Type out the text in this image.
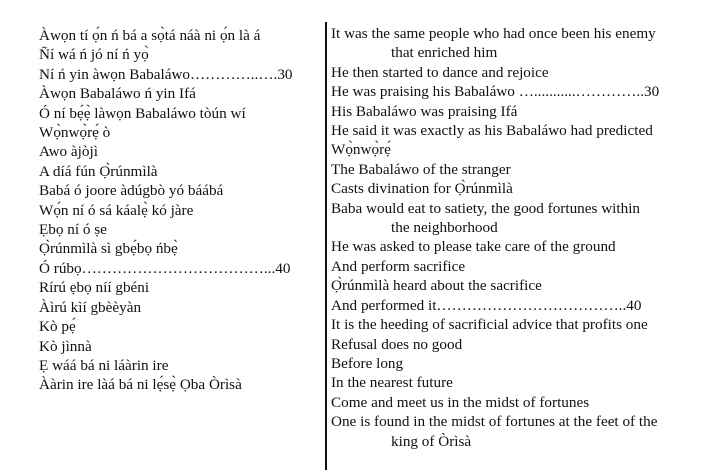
Àwọn tí ọ́n ń bá a sọ̀tá náà ni ọ́n là á
Ñí wá ń jó ní ń yọ̀
Ní ń yin àwọn Babaláwo…………..….30
Àwọn Babaláwo ń yin Ifá
Ó ní bẹ́ẹ̀ làwọn Babaláwo tòún wí
Wọ̀nwọ̀rẹ́ ò
Awo àjòjì
A díá fún Ọ̀rúnmìlà
Babá ó joore àdúgbò yó báábá
Wọ́n ní ó sá káalẹ̀ kó jàre
Ẹbọ ní ó ṣe
Ọ̀rúnmìlà sì gbẹ́bọ ńbẹ̀
Ó rúbọ………………………………...40
Rírú ẹbọ níí gbéni
Àìrú kìí gbèèyàn
Kò pẹ́
Kò jìnnà
Ẹ wáá bá ni láàrin ire
Ààrin ire làá bá ni lẹ́sẹ̀ Ọba Òrìsà
It was the same people who had once been his enemy
that enriched him
He then started to dance and rejoice
He was praising his Babaláwo …...........…………..30
His Babaláwo was praising Ifá
He said it was exactly as his Babaláwo had predicted
Wọ̀nwọ̀rẹ́
The Babaláwo of the stranger
Casts divination for Ọ̀rúnmìlà
Baba would eat to satiety, the good fortunes within
the neighborhood
He was asked to please take care of the ground
And perform sacrifice
Ọ̀rúnmìlà heard about the sacrifice
And performed it………………………………..40
It is the heeding of sacrificial advice that profits one
Refusal does no good
Before long
In the nearest future
Come and meet us in the midst of fortunes
One is found in the midst of fortunes at the feet of the
king of Òrìsà
